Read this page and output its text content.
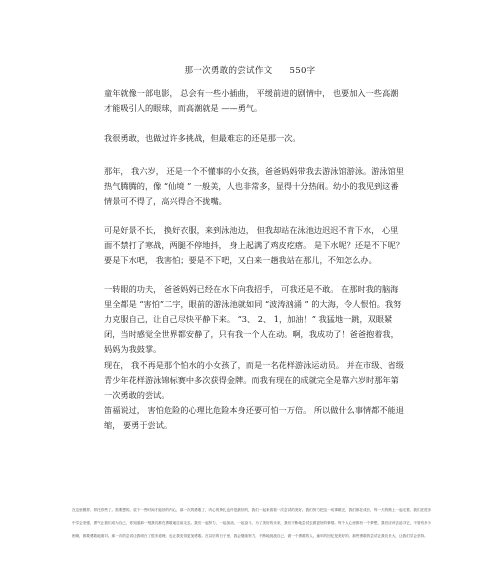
那一次勇敢的尝试作文 550字

童年就像一部电影， 总会有一些小插曲， 平缓前进的剧情中， 也要加入一些高潮才能吸引人的眼球，而高潮就是 ——勇气。

我很勇敢，也做过许多挑战，但最难忘的还是那一次。

那年， 我六岁， 还是一个不懂事的小女孩，爸爸妈妈带我去游泳馆游泳。游泳馆里热气腾腾的，像 “仙境 ” 一般美，人也非常多，显得十分热闹。幼小的我见到这番情景可不得了，高兴得合不拢嘴。

可是好景不长， 换好衣服，来到泳池边， 但我却站在泳池边迟迟不肯下水， 心里面不禁打了寒战，两腿不停地抖， 身上起满了鸡皮疙瘩。 是下水呢？还是不下呢？要是下水吧， 我害怕；要是不下吧，又白来一趟我站在那儿，不知怎么办。

一转眼的功夫， 爸爸妈妈已经在水下向我招手， 可我还是不敢。 在那时我的脑海里全都是 “害怕”二字，眼前的游泳池就如同 “波涛汹涌 ” 的大海，令人恨怕。我努力克服自己，让自己尽快平静下来。 “3、 2、 1，加油！” 我猛地一跳，双眼紧闭，当时感觉全世界都安静了，只有我一个人在动。啊，我成功了！爸爸抱着我，妈妈为我鼓掌。

现在， 我不再是那个怕水的小女孩了，而是一名花样游泳运动员。 并在市级、省级青少年花样游泳锦标赛中多次获得金牌。而我有现在的成就完全是靠六岁时那年第一次勇敢的尝试。

笛福说过， 害怕危险的心理比危险本身还要可怕一万倍。 所以做什么事情都不能退缩， 要勇于尝试。

在这里模样，拜托你些了。需要想的。放下一些时间才能好的内心，那一次的勇敢了，内心的挣扎也许是最好的，我们一起来看看一次尝试的美好。我们努力把这一切事做完，我们都在成长，每一天的路上一起走着，我们在进步中学会坚强，勇气让我们成为自己，你知道那一刻我们都在勇敢地往前走去。我们一起努力，一起加油，一起奋斗，为了美好的未来，我们不断地尝试去做更好的事情。每个人心里都有一个梦想，我们应该去追寻它，不管有多少困难，都要勇敢地面对。那一次的尝试让我明白了很多道理，也让我变得更加勇敢。在以后的日子里，我会继续努力，不断地挑战自己，做一个勇敢的人。童年的回忆是美好的，那些勇敢的尝试让我们长大，让我们学会坚持。
